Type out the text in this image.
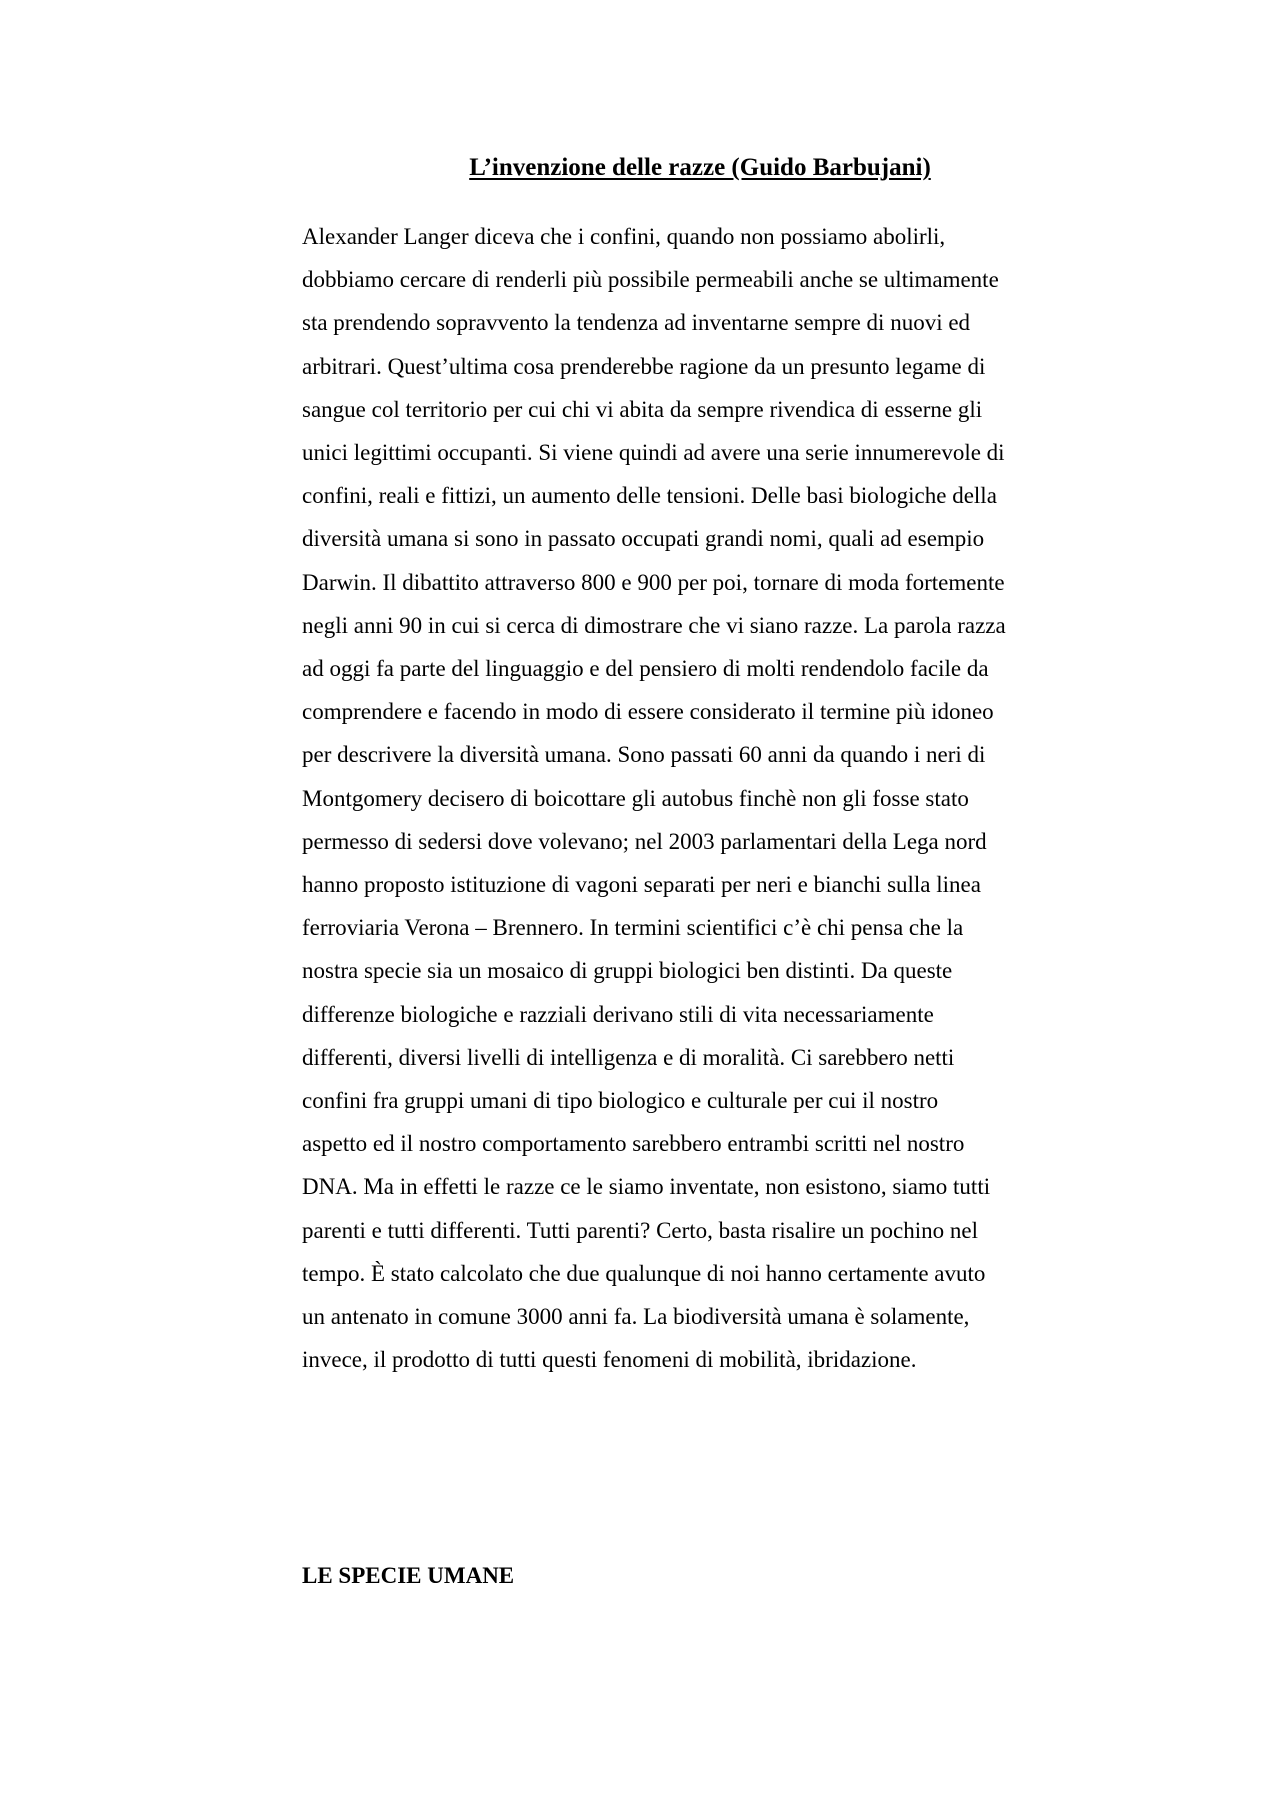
L’invenzione delle razze (Guido Barbujani)
Alexander Langer diceva che i confini, quando non possiamo abolirli,
dobbiamo cercare di renderli più possibile permeabili anche se ultimamente
sta prendendo sopravvento la tendenza ad inventarne sempre di nuovi ed
arbitrari. Quest’ultima cosa prenderebbe ragione da un presunto legame di
sangue col territorio per cui chi vi abita da sempre rivendica di esserne gli
unici legittimi occupanti. Si viene quindi ad avere una serie innumerevole di
confini, reali e fittizi, un aumento delle tensioni. Delle basi biologiche della
diversità umana si sono in passato occupati grandi nomi, quali ad esempio
Darwin. Il dibattito attraverso 800 e 900 per poi, tornare di moda fortemente
negli anni 90 in cui si cerca di dimostrare che vi siano razze. La parola razza
ad oggi fa parte del linguaggio e del pensiero di molti rendendolo facile da
comprendere e facendo in modo di essere considerato il termine più idoneo
per descrivere la diversità umana. Sono passati 60 anni da quando i neri di
Montgomery decisero di boicottare gli autobus finchè non gli fosse stato
permesso di sedersi dove volevano; nel 2003 parlamentari della Lega nord
hanno proposto istituzione di vagoni separati per neri e bianchi sulla linea
ferroviaria Verona – Brennero. In termini scientifici c’è chi pensa che la
nostra specie sia un mosaico di gruppi biologici ben distinti. Da queste
differenze biologiche e razziali derivano stili di vita necessariamente
differenti, diversi livelli di intelligenza e di moralità. Ci sarebbero netti
confini fra gruppi umani di tipo biologico e culturale per cui il nostro
aspetto ed il nostro comportamento sarebbero entrambi scritti nel nostro
DNA. Ma in effetti le razze ce le siamo inventate, non esistono, siamo tutti
parenti e tutti differenti. Tutti parenti? Certo, basta risalire un pochino nel
tempo. È stato calcolato che due qualunque di noi hanno certamente avuto
un antenato in comune 3000 anni fa. La biodiversità umana è solamente,
invece, il prodotto di tutti questi fenomeni di mobilità, ibridazione.
LE SPECIE UMANE
